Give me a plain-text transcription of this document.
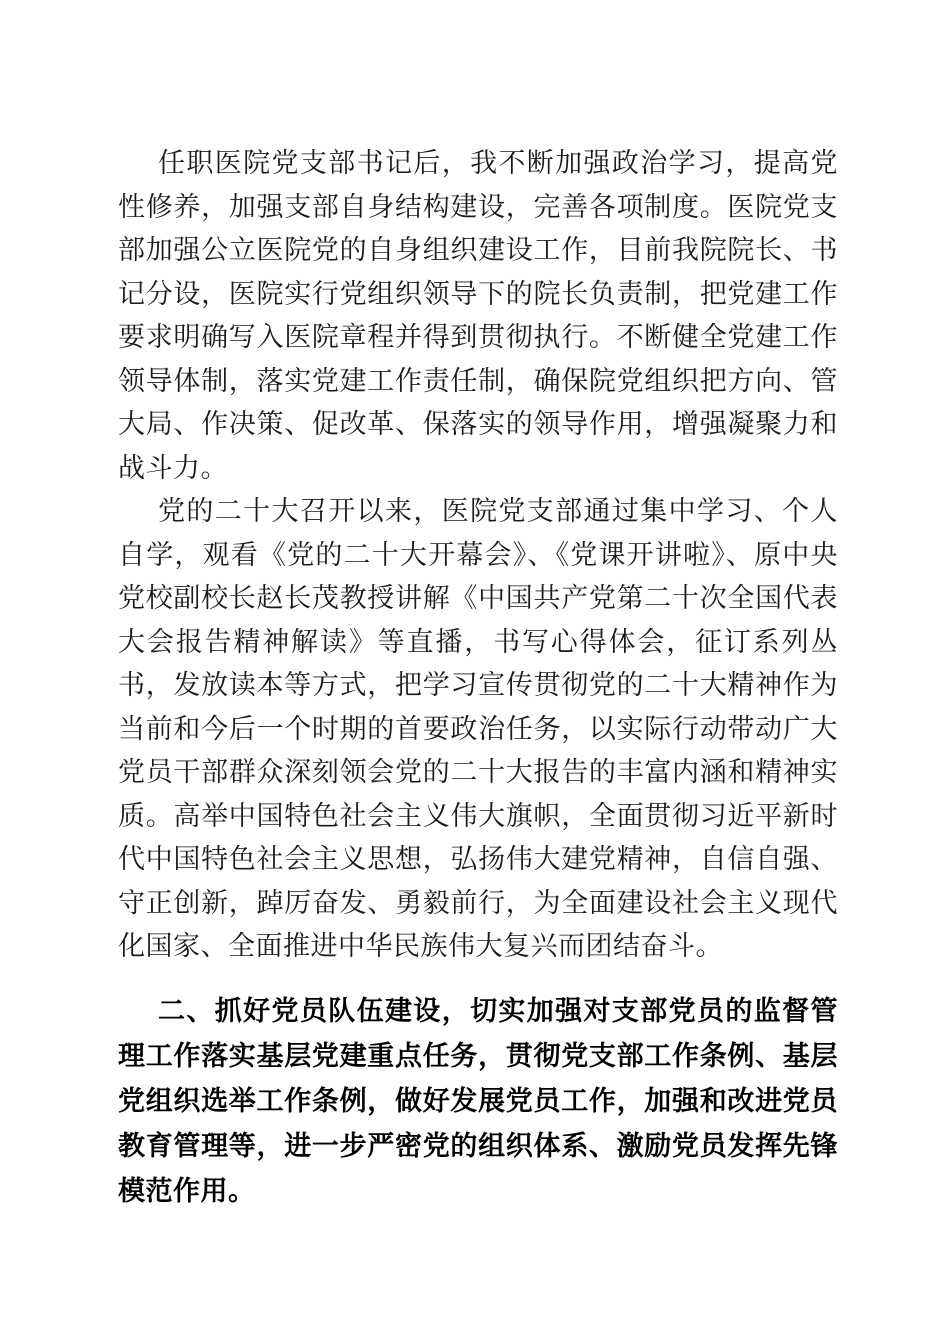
任职医院党支部书记后，我不断加强政治学习，提高党性修养，加强支部自身结构建设，完善各项制度。医院党支部加强公立医院党的自身组织建设工作，目前我院院长、书记分设，医院实行党组织领导下的院长负责制，把党建工作要求明确写入医院章程并得到贯彻执行。不断健全党建工作领导体制，落实党建工作责任制，确保院党组织把方向、管大局、作决策、促改革、保落实的领导作用，增强凝聚力和战斗力。

党的二十大召开以来，医院党支部通过集中学习、个人自学，观看《党的二十大开幕会》、《党课开讲啦》、原中央党校副校长赵长茂教授讲解《中国共产党第二十次全国代表大会报告精神解读》等直播，书写心得体会，征订系列丛书，发放读本等方式，把学习宣传贯彻党的二十大精神作为当前和今后一个时期的首要政治任务，以实际行动带动广大党员干部群众深刻领会党的二十大报告的丰富内涵和精神实质。高举中国特色社会主义伟大旗帜，全面贯彻习近平新时代中国特色社会主义思想，弘扬伟大建党精神，自信自强、守正创新，踔厉奋发、勇毅前行，为全面建设社会主义现代化国家、全面推进中华民族伟大复兴而团结奋斗。

二、抓好党员队伍建设，切实加强对支部党员的监督管理工作落实基层党建重点任务，贯彻党支部工作条例、基层党组织选举工作条例，做好发展党员工作，加强和改进党员教育管理等，进一步严密党的组织体系、激励党员发挥先锋模范作用。
